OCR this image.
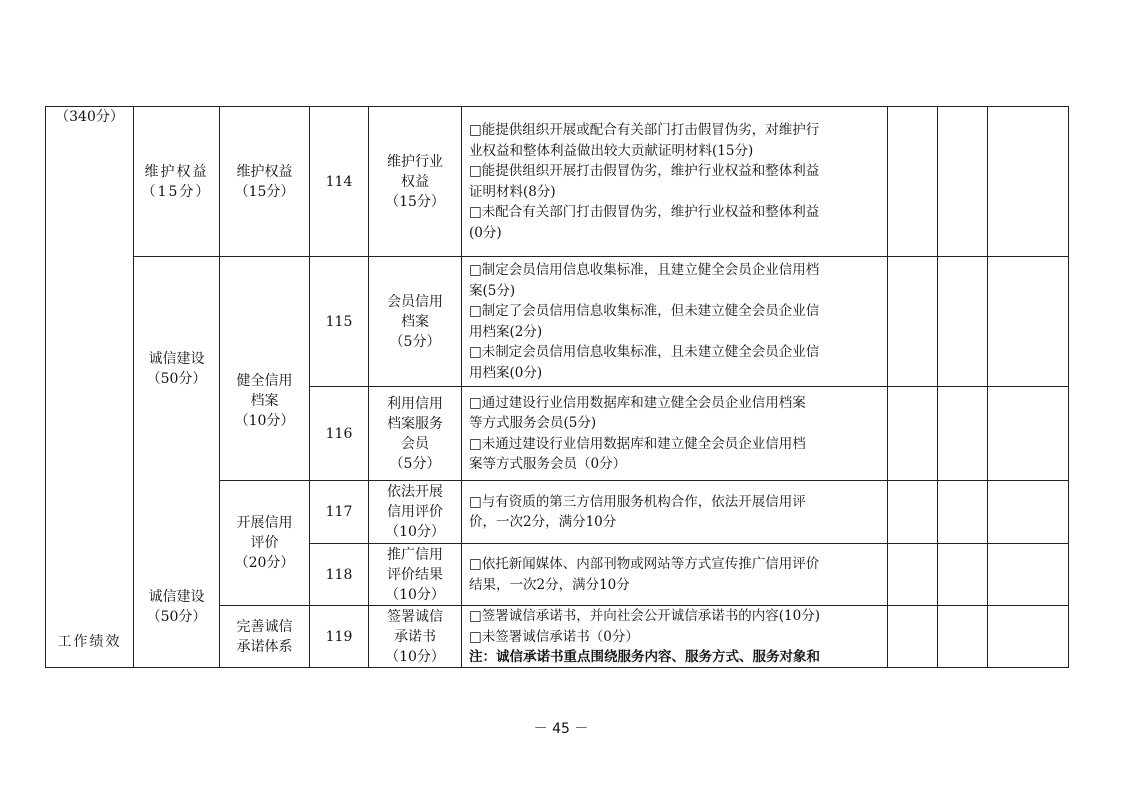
（340分）
工作绩效
维护权益
（15分）
维护权益
（15分）
114
维护行业
权益
（15分）
□能提供组织开展或配合有关部门打击假冒伪劣，对维护行
业权益和整体利益做出较大贡献证明材料(15分)
□能提供组织开展打击假冒伪劣，维护行业权益和整体利益
证明材料(8分)
□未配合有关部门打击假冒伪劣，维护行业权益和整体利益
(0分)
诚信建设
（50分）	健全信用
档案
（10分）
115
会员信用
档案
（5分）
□制定会员信用信息收集标准，且建立健全会员企业信用档
案(5分)
□制定了会员信用信息收集标准，但未建立健全会员企业信
用档案(2分)
□未制定会员信用信息收集标准，且未建立健全会员企业信
用档案(0分)
116
利用信用
档案服务
会员
（5分）
□通过建设行业信用数据库和建立健全会员企业信用档案
等方式服务会员(5分)
□未通过建设行业信用数据库和建立健全会员企业信用档
案等方式服务会员（0分）
诚信建设
（50分）
开展信用
评价
（20分）
117
依法开展
信用评价
（10分）
□与有资质的第三方信用服务机构合作，依法开展信用评
价，一次2分，满分10分
118
推广信用
评价结果
（10分）
□依托新闻媒体、内部刊物或网站等方式宣传推广信用评价
结果，一次2分，满分10分
完善诚信
承诺体系
119
签署诚信
承诺书
（10分）
□签署诚信承诺书，并向社会公开诚信承诺书的内容(10分)
□未签署诚信承诺书（0分）
注：诚信承诺书重点围绕服务内容、服务方式、服务对象和
－ 45 －
